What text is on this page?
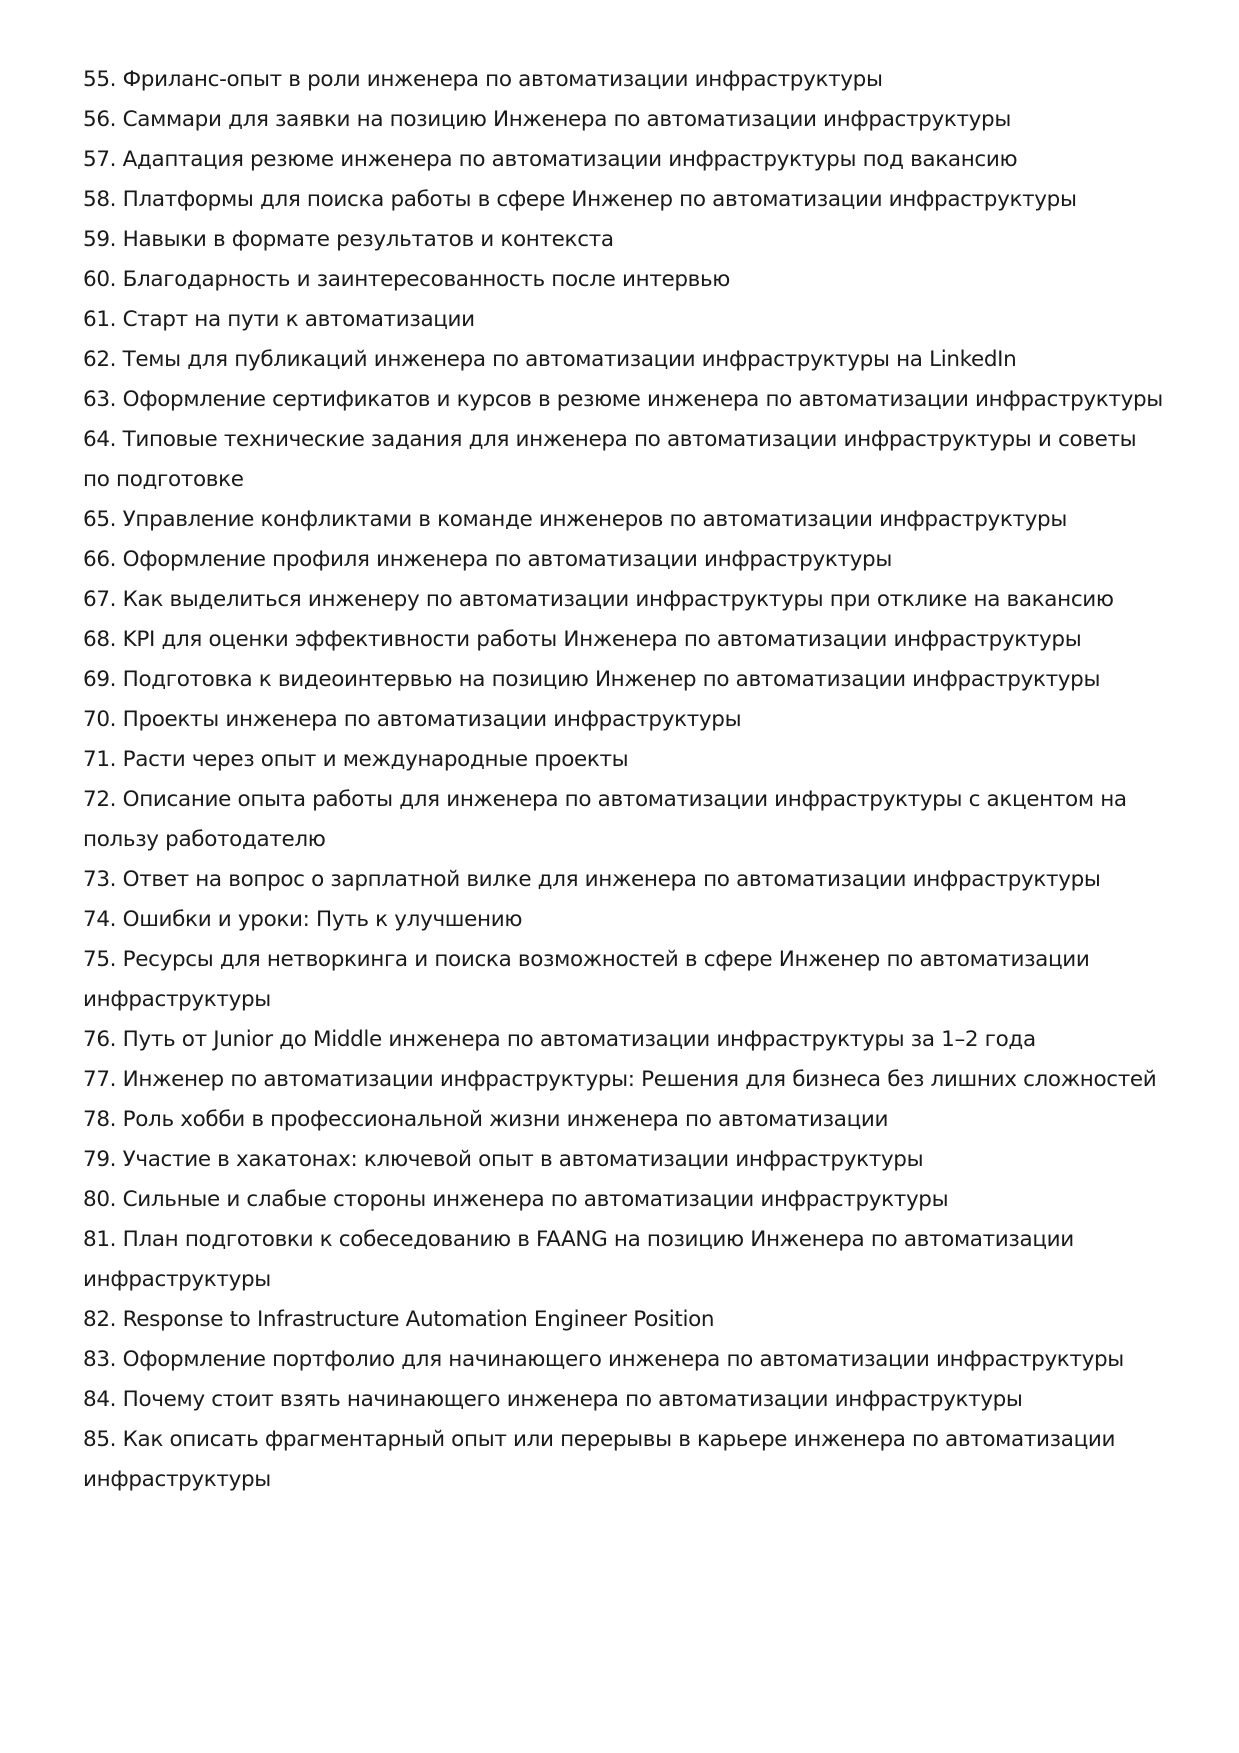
55. Фриланс-опыт в роли инженера по автоматизации инфраструктуры
56. Саммари для заявки на позицию Инженера по автоматизации инфраструктуры
57. Адаптация резюме инженера по автоматизации инфраструктуры под вакансию
58. Платформы для поиска работы в сфере Инженер по автоматизации инфраструктуры
59. Навыки в формате результатов и контекста
60. Благодарность и заинтересованность после интервью
61. Старт на пути к автоматизации
62. Темы для публикаций инженера по автоматизации инфраструктуры на LinkedIn
63. Оформление сертификатов и курсов в резюме инженера по автоматизации инфраструктуры
64. Типовые технические задания для инженера по автоматизации инфраструктуры и советы по подготовке
65. Управление конфликтами в команде инженеров по автоматизации инфраструктуры
66. Оформление профиля инженера по автоматизации инфраструктуры
67. Как выделиться инженеру по автоматизации инфраструктуры при отклике на вакансию
68. KPI для оценки эффективности работы Инженера по автоматизации инфраструктуры
69. Подготовка к видеоинтервью на позицию Инженер по автоматизации инфраструктуры
70. Проекты инженера по автоматизации инфраструктуры
71. Расти через опыт и международные проекты
72. Описание опыта работы для инженера по автоматизации инфраструктуры с акцентом на пользу работодателю
73. Ответ на вопрос о зарплатной вилке для инженера по автоматизации инфраструктуры
74. Ошибки и уроки: Путь к улучшению
75. Ресурсы для нетворкинга и поиска возможностей в сфере Инженер по автоматизации инфраструктуры
76. Путь от Junior до Middle инженера по автоматизации инфраструктуры за 1–2 года
77. Инженер по автоматизации инфраструктуры: Решения для бизнеса без лишних сложностей
78. Роль хобби в профессиональной жизни инженера по автоматизации
79. Участие в хакатонах: ключевой опыт в автоматизации инфраструктуры
80. Сильные и слабые стороны инженера по автоматизации инфраструктуры
81. План подготовки к собеседованию в FAANG на позицию Инженера по автоматизации инфраструктуры
82. Response to Infrastructure Automation Engineer Position
83. Оформление портфолио для начинающего инженера по автоматизации инфраструктуры
84. Почему стоит взять начинающего инженера по автоматизации инфраструктуры
85. Как описать фрагментарный опыт или перерывы в карьере инженера по автоматизации инфраструктуры
